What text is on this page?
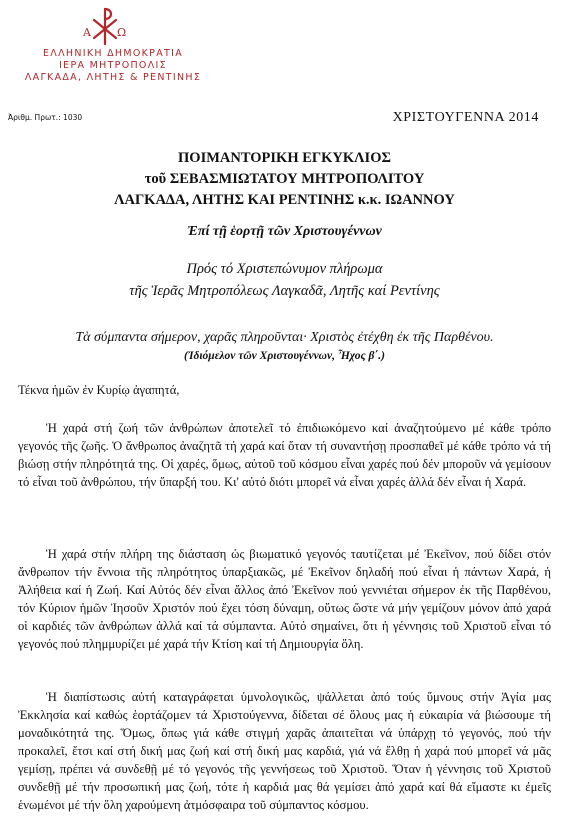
Α Ω
ΕΛΛΗΝΙΚΗ ΔΗΜΟΚΡΑΤΙΑ
ΙΕΡΑ ΜΗΤΡΟΠΟΛΙΣ
ΛΑΓΚΑΔΑ, ΛΗΤΗΣ & ΡΕΝΤΙΝΗΣ
Ἀριθμ. Πρωτ.: 1030	ΧΡΙΣΤΟΥΓΕΝΝΑ 2014
ΠΟΙΜΑΝΤΟΡΙΚΗ ΕΓΚΥΚΛΙΟΣ
τοῦ ΣΕΒΑΣΜΙΩΤΑΤΟΥ ΜΗΤΡΟΠΟΛΙΤΟΥ
ΛΑΓΚΑΔΑ, ΛΗΤΗΣ ΚΑΙ ΡΕΝΤΙΝΗΣ κ.κ. ΙΩΑΝΝΟΥ
Ἐπί τῇ ἑορτῇ τῶν Χριστουγέννων
Πρός τό Χριστεπώνυμον πλήρωμα
τῆς Ἱερᾶς Μητροπόλεως Λαγκαδᾶ, Λητῆς καί Ρεντίνης
Τὰ σύμπαντα σήμερον, χαρᾶς πληροῦνται· Χριστὸς ἐτέχθη ἐκ τῆς Παρθένου.
(Ἰδιόμελον τῶν Χριστουγέννων, Ἦχος β΄.)
Τέκνα ἡμῶν ἐν Κυρίῳ ἀγαπητά,

Ἡ χαρά στή ζωή τῶν ἀνθρώπων ἀποτελεῖ τό ἐπιδιωκόμενο καί ἀναζητούμενο μέ κάθε τρόπο γεγονός τῆς ζωῆς. Ὁ ἄνθρωπος ἀναζητᾶ τή χαρά καί ὅταν τή συναντήσῃ προσπαθεῖ μέ κάθε τρόπο νά τή βιώσῃ στήν πληρότητά της. Οἱ χαρές, ὅμως, αὐτοῦ τοῦ κόσμου εἶναι χαρές πού δέν μποροῦν νά γεμίσουν τό εἶναι τοῦ ἀνθρώπου, τήν ὕπαρξή του. Κι' αὐτό διότι μπορεῖ νά εἶναι χαρές ἀλλά δέν εἶναι ἡ Χαρά.

Ἡ χαρά στήν πλήρη της διάσταση ὡς βιωματικό γεγονός ταυτίζεται μέ Ἐκεῖνον, πού δίδει στόν ἄνθρωπον τήν ἔννοια τῆς πληρότητος ὑπαρξιακῶς, μέ Ἐκεῖνον δηλαδή πού εἶναι ἡ πάντων Χαρά, ἡ Ἀλήθεια καί ἡ Ζωή. Καί Αὐτός δέν εἶναι ἄλλος ἀπό Ἐκεῖνον πού γεννιέται σήμερον ἐκ τῆς Παρθένου, τόν Κύριον ἡμῶν Ἰησοῦν Χριστόν πού ἔχει τόση δύναμη, οὕτως ὥστε νά μήν γεμίζουν μόνον ἀπό χαρά οἱ καρδιές τῶν ἀνθρώπων ἀλλά καί τά σύμπαντα. Αὐτό σημαίνει, ὅτι ἡ γέννησις τοῦ Χριστοῦ εἶναι τό γεγονός πού πλημμυρίζει μέ χαρά τήν Κτίση καί τή Δημιουργία ὅλη.

Ἡ διαπίστωσις αὐτή καταγράφεται ὑμνολογικῶς, ψάλλεται ἀπό τούς ὕμνους στήν Ἁγία μας Ἐκκλησία καί καθώς ἑορτάζομεν τά Χριστούγεννα, δίδεται σέ ὅλους μας ἡ εὐκαιρία νά βιώσουμε τή μοναδικότητά της. Ὅμως, ὅπως γιά κάθε στιγμή χαρᾶς ἀπαιτεῖται νά ὑπάρχῃ τό γεγονός, πού τήν προκαλεῖ, ἔτσι καί στή δική μας ζωή καί στή δική μας καρδιά, γιά νά ἔλθῃ ἡ χαρά πού μπορεῖ νά μᾶς γεμίσῃ, πρέπει νά συνδεθῇ μέ τό γεγονός τῆς γεννήσεως τοῦ Χριστοῦ. Ὅταν ἡ γέννησις τοῦ Χριστοῦ συνδεθῇ μέ τήν προσωπική μας ζωή, τότε ἡ καρδιά μας θά γεμίσει ἀπό χαρά καί θά εἴμαστε κι ἐμεῖς ἑνωμένοι μέ τήν ὅλη χαρούμενη ἀτμόσφαιρα τοῦ σύμπαντος κόσμου.
